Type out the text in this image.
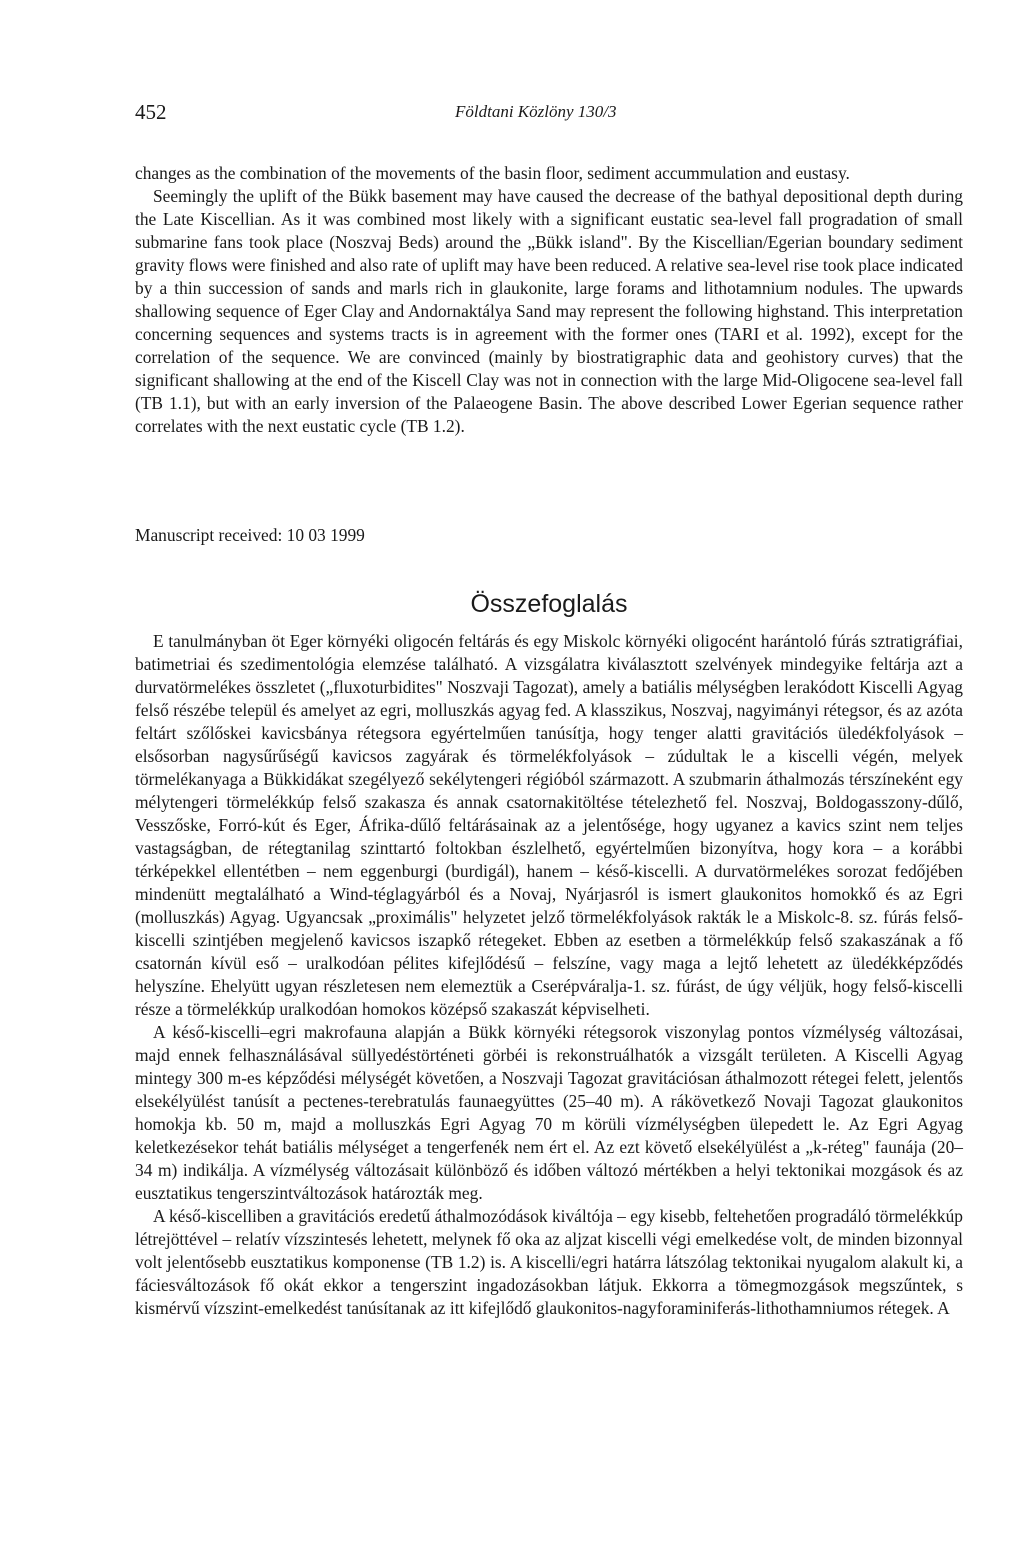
452	Földtani Közlöny 130/3

changes as the combination of the movements of the basin floor, sediment accummulation and eustasy.

Seemingly the uplift of the Bükk basement may have caused the decrease of the bathyal depositional depth during the Late Kiscellian. As it was combined most likely with a significant eustatic sea-level fall progradation of small submarine fans took place (Noszvaj Beds) around the „Bükk island". By the Kiscellian/Egerian boundary sediment gravity flows were finished and also rate of uplift may have been reduced. A relative sea-level rise took place indicated by a thin succession of sands and marls rich in glaukonite, large forams and lithotamnium nodules. The upwards shallowing sequence of Eger Clay and Andornaktálya Sand may represent the following highstand. This interpretation concerning sequences and systems tracts is in agreement with the former ones (TARI et al. 1992), except for the correlation of the sequence. We are convinced (mainly by biostratigraphic data and geohistory curves) that the significant shallowing at the end of the Kiscell Clay was not in connection with the large Mid-Oligocene sea-level fall (TB 1.1), but with an early inversion of the Palaeogene Basin. The above described Lower Egerian sequence rather correlates with the next eustatic cycle (TB 1.2).

Manuscript received: 10 03 1999
Összefoglalás

E tanulmányban öt Eger környéki oligocén feltárás és egy Miskolc környéki oligocént harántoló fúrás sztratigráfiai, batimetriai és szedimentológia elemzése található. A vizsgálatra kiválasztott szelvények mindegyike feltárja azt a durvatörmelékes összletet („fluxoturbidites" Noszvaji Tagozat), amely a batiális mélységben lerakódott Kiscelli Agyag felső részébe települ és amelyet az egri, molluszkás agyag fed. A klasszikus, Noszvaj, nagyimányi rétegsor, és az azóta feltárt szőlőskei kavicsbánya rétegsora egyértelműen tanúsítja, hogy tenger alatti gravitációs üledékfolyások – elsősorban nagysűrűségű kavicsos zagyárak és törmelékfolyások – zúdultak le a kiscelli végén, melyek törmelékanyaga a Bükkidákat szegélyező sekélytengeri régióból származott. A szubmarin áthalmozás térszíneként egy mélytengeri törmelékkúp felső szakasza és annak csatornakitöltése tételezhető fel. Noszvaj, Boldogasszony-dűlő, Vesszőske, Forró-kút és Eger, Áfrika-dűlő feltárásainak az a jelentősége, hogy ugyanez a kavics szint nem teljes vastagságban, de rétegtanilag szinttartó foltokban észlelhető, egyértelműen bizonyítva, hogy kora – a korábbi térképekkel ellentétben – nem eggenburgi (burdigál), hanem – késő-kiscelli. A durvatörmelékes sorozat fedőjében mindenütt megtalálható a Wind-téglagyárból és a Novaj, Nyárjasról is ismert glaukonitos homokkő és az Egri (molluszkás) Agyag. Ugyancsak „proximális" helyzetet jelző törmelékfolyások rakták le a Miskolc-8. sz. fúrás felső-kiscelli szintjében megjelenő kavicsos iszapkő rétegeket. Ebben az esetben a törmelékkúp felső szakaszának a fő csatornán kívül eső – uralkodóan pélites kifejlődésű – felszíne, vagy maga a lejtő lehetett az üledékképződés helyszíne. Ehelyütt ugyan részletesen nem elemeztük a Cserépváralja-1. sz. fúrást, de úgy véljük, hogy felső-kiscelli része a törmelékkúp uralkodóan homokos középső szakaszát képviselheti.

A késő-kiscelli–egri makrofauna alapján a Bükk környéki rétegsorok viszonylag pontos vízmélység változásai, majd ennek felhasználásával süllyedéstörténeti görbéi is rekonstruálhatók a vizsgált területen. A Kiscelli Agyag mintegy 300 m-es képződési mélységét követően, a Noszvaji Tagozat gravitációsan áthalmozott rétegei felett, jelentős elsekélyülést tanúsít a pectenes-terebratulás faunaegyüttes (25–40 m). A rákövetkező Novaji Tagozat glaukonitos homokja kb. 50 m, majd a molluszkás Egri Agyag 70 m körüli vízmélységben ülepedett le. Az Egri Agyag keletkezésekor tehát batiális mélységet a tengerfenék nem ért el. Az ezt követő elsekélyülést a „k-réteg" faunája (20–34 m) indikálja. A vízmélység változásait különböző és időben változó mértékben a helyi tektonikai mozgások és az eusztatikus tengerszintváltozások határozták meg.

A késő-kiscelliben a gravitációs eredetű áthalmozódások kiváltója – egy kisebb, feltehetően progradáló törmelékkúp létrejöttével – relatív vízszintesés lehetett, melynek fő oka az aljzat kiscelli végi emelkedése volt, de minden bizonnyal volt jelentősebb eusztatikus komponense (TB 1.2) is. A kiscelli/egri határra látszólag tektonikai nyugalom alakult ki, a fáciesváltozások fő okát ekkor a tengerszint ingadozásokban látjuk. Ekkorra a tömegmozgások megszűntek, s kismérvű vízszint-emelkedést tanúsítanak az itt kifejlődő glaukonitos-nagyforaminiferás-lithothamniumos rétegek. A
